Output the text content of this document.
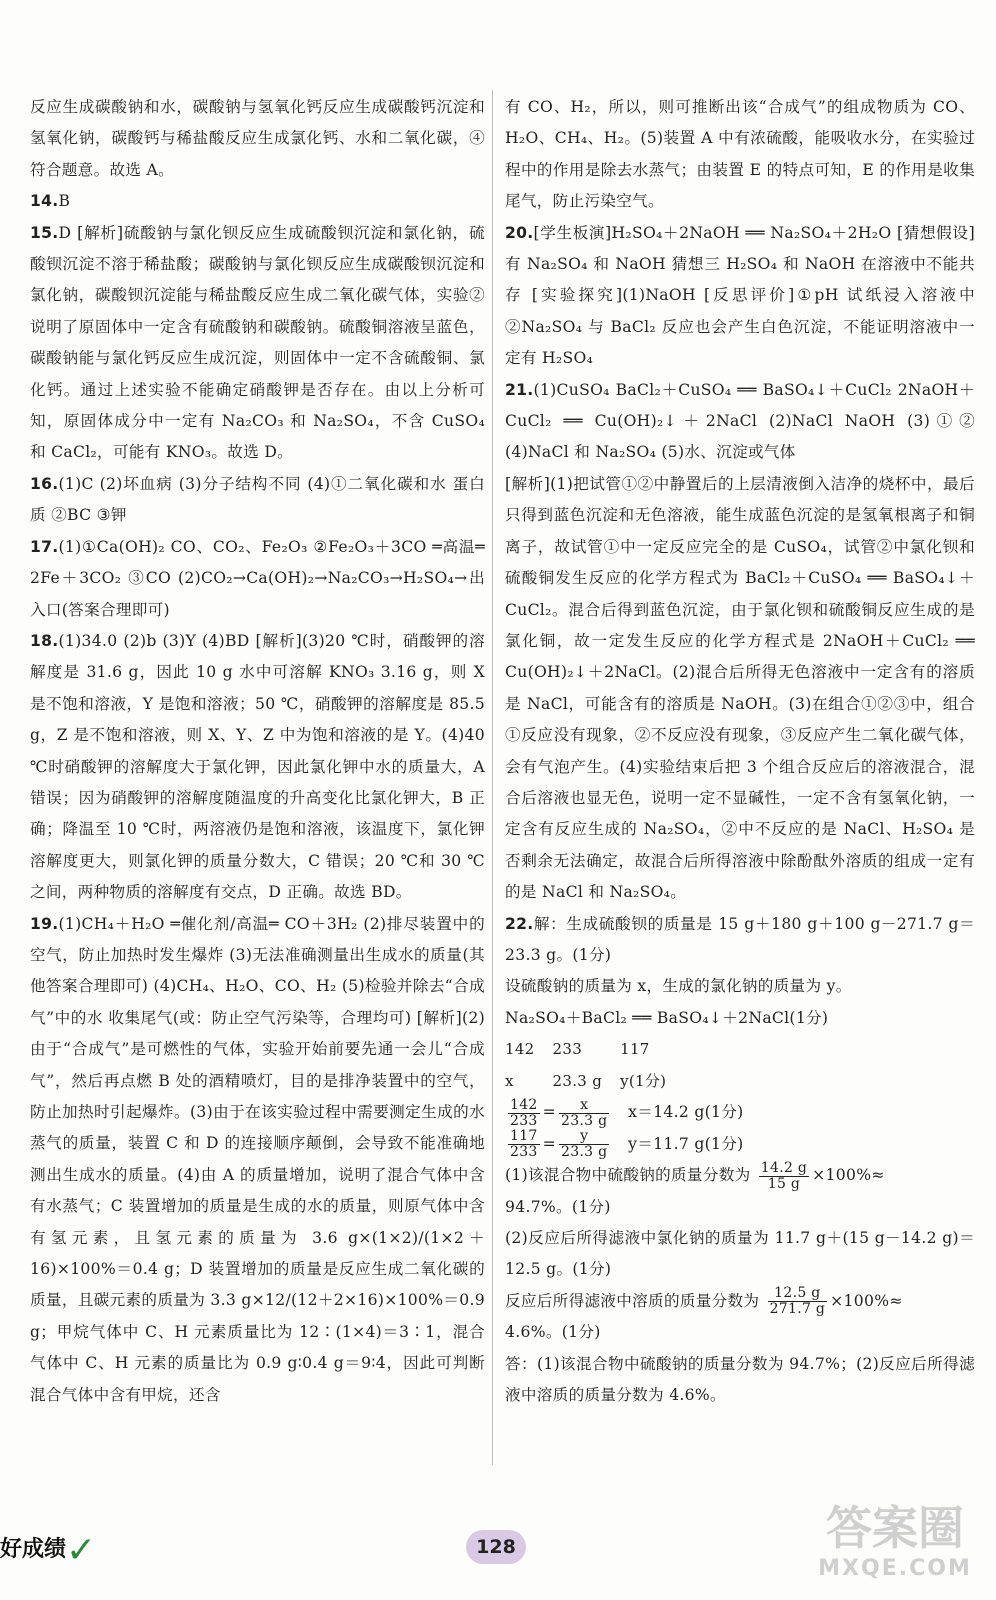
反应生成碳酸钠和水，碳酸钠与氢氧化钙反应生成碳酸钙沉淀和氢氧化钠，碳酸钙与稀盐酸反应生成氯化钙、水和二氧化碳，④符合题意。故选 A。

14.B

15.D [解析]硫酸钠与氯化钡反应生成硫酸钡沉淀和氯化钠，硫酸钡沉淀不溶于稀盐酸；碳酸钠与氯化钡反应生成碳酸钡沉淀和氯化钠，碳酸钡沉淀能与稀盐酸反应生成二氧化碳气体，实验②说明了原固体中一定含有硫酸钠和碳酸钠。硫酸铜溶液呈蓝色，碳酸钠能与氯化钙反应生成沉淀，则固体中一定不含硫酸铜、氯化钙。通过上述实验不能确定硝酸钾是否存在。由以上分析可知，原固体成分中一定有 Na₂CO₃ 和 Na₂SO₄，不含 CuSO₄ 和 CaCl₂，可能有 KNO₃。故选 D。

16.(1)C (2)坏血病 (3)分子结构不同 (4)①二氧化碳和水 蛋白质 ②BC ③钾

17.(1)①Ca(OH)₂ CO、CO₂、Fe₂O₃ ②Fe₂O₃＋3CO ═高温═ 2Fe＋3CO₂ ③CO (2)CO₂→Ca(OH)₂→Na₂CO₃→H₂SO₄→出入口(答案合理即可)

18.(1)34.0 (2)b (3)Y (4)BD [解析](3)20 ℃时，硝酸钾的溶解度是 31.6 g，因此 10 g 水中可溶解 KNO₃ 3.16 g，则 X 是不饱和溶液，Y 是饱和溶液；50 ℃，硝酸钾的溶解度是 85.5 g，Z 是不饱和溶液，则 X、Y、Z 中为饱和溶液的是 Y。(4)40 ℃时硝酸钾的溶解度大于氯化钾，因此氯化钾中水的质量大，A 错误；因为硝酸钾的溶解度随温度的升高变化比氯化钾大，B 正确；降温至 10 ℃时，两溶液仍是饱和溶液，该温度下，氯化钾溶解度更大，则氯化钾的质量分数大，C 错误；20 ℃和 30 ℃之间，两种物质的溶解度有交点，D 正确。故选 BD。

19.(1)CH₄＋H₂O ═催化剂/高温═ CO＋3H₂ (2)排尽装置中的空气，防止加热时发生爆炸 (3)无法准确测量出生成水的质量(其他答案合理即可) (4)CH₄、H₂O、CO、H₂ (5)检验并除去“合成气”中的水 收集尾气(或：防止空气污染等，合理均可) [解析](2)由于“合成气”是可燃性的气体，实验开始前要先通一会儿“合成气”，然后再点燃 B 处的酒精喷灯，目的是排净装置中的空气，防止加热时引起爆炸。(3)由于在该实验过程中需要测定生成的水蒸气的质量，装置 C 和 D 的连接顺序颠倒，会导致不能准确地测出生成水的质量。(4)由 A 的质量增加，说明了混合气体中含有水蒸气；C 装置增加的质量是生成的水的质量，则原气体中含有氢元素，且氢元素的质量为 3.6 g×(1×2)/(1×2＋16)×100%＝0.4 g；D 装置增加的质量是反应生成二氧化碳的质量，且碳元素的质量为 3.3 g×12/(12＋2×16)×100%＝0.9 g；甲烷气体中 C、H 元素质量比为 12∶(1×4)＝3∶1，混合气体中 C、H 元素的质量比为 0.9 g∶0.4 g＝9∶4，因此可判断混合气体中含有甲烷，还含

有 CO、H₂，所以，则可推断出该“合成气”的组成物质为 CO、H₂O、CH₄、H₂。(5)装置 A 中有浓硫酸，能吸收水分，在实验过程中的作用是除去水蒸气；由装置 E 的特点可知，E 的作用是收集尾气，防止污染空气。

20.[学生板演]H₂SO₄＋2NaOH ══ Na₂SO₄＋2H₂O [猜想假设]有 Na₂SO₄ 和 NaOH 猜想三 H₂SO₄ 和 NaOH 在溶液中不能共存 [实验探究](1)NaOH [反思评价]①pH 试纸浸入溶液中 ②Na₂SO₄ 与 BaCl₂ 反应也会产生白色沉淀，不能证明溶液中一定有 H₂SO₄

21.(1)CuSO₄ BaCl₂＋CuSO₄ ══ BaSO₄↓＋CuCl₂ 2NaOH＋CuCl₂ ══ Cu(OH)₂↓＋2NaCl (2)NaCl NaOH (3)①② (4)NaCl 和 Na₂SO₄ (5)水、沉淀或气体

[解析](1)把试管①②中静置后的上层清液倒入洁净的烧杯中，最后只得到蓝色沉淀和无色溶液，能生成蓝色沉淀的是氢氧根离子和铜离子，故试管①中一定反应完全的是 CuSO₄，试管②中氯化钡和硫酸铜发生反应的化学方程式为 BaCl₂＋CuSO₄ ══ BaSO₄↓＋CuCl₂。混合后得到蓝色沉淀，由于氯化钡和硫酸铜反应生成的是氯化铜，故一定发生反应的化学方程式是 2NaOH＋CuCl₂ ══ Cu(OH)₂↓＋2NaCl。(2)混合后所得无色溶液中一定含有的溶质是 NaCl，可能含有的溶质是 NaOH。(3)在组合①②③中，组合①反应没有现象，②不反应没有现象，③反应产生二氧化碳气体，会有气泡产生。(4)实验结束后把 3 个组合反应后的溶液混合，混合后溶液也显无色，说明一定不显碱性，一定不含有氢氧化钠，一定含有反应生成的 Na₂SO₄，②中不反应的是 NaCl、H₂SO₄ 是否剩余无法确定，故混合后所得溶液中除酚酞外溶质的组成一定有的是 NaCl 和 Na₂SO₄。

22.解：生成硫酸钡的质量是 15 g＋180 g＋100 g－271.7 g＝23.3 g。(1分)

设硫酸钠的质量为 x，生成的氯化钠的质量为 y。

Na₂SO₄＋BaCl₂ ══ BaSO₄↓＋2NaCl(1分)

142	233	117
x	23.3 g	y(1分)

$\frac{142}{233} = \frac{x}{23.3 g} x=14.2$ g(1分)

$\frac{117}{233} = \frac{y}{23.3 g} y=11.7$ g(1分)

(1)该混合物中硫酸钠的质量分数为 $\frac{14.2 g}{15 g} \times 100\%\approx$

94.7%。(1分)

(2)反应后所得滤液中氯化钠的质量为 11.7 g＋(15 g－14.2 g)＝12.5 g。(1分)

反应后所得滤液中溶质的质量分数为 $\frac{12.5 g}{271.7 g} \times 100\%\approx$

4.6%。(1分)

答：(1)该混合物中硫酸钠的质量分数为 94.7%；(2)反应后所得滤液中溶质的质量分数为 4.6%。

好成绩✓	128	答案圈
MXQE.COM
